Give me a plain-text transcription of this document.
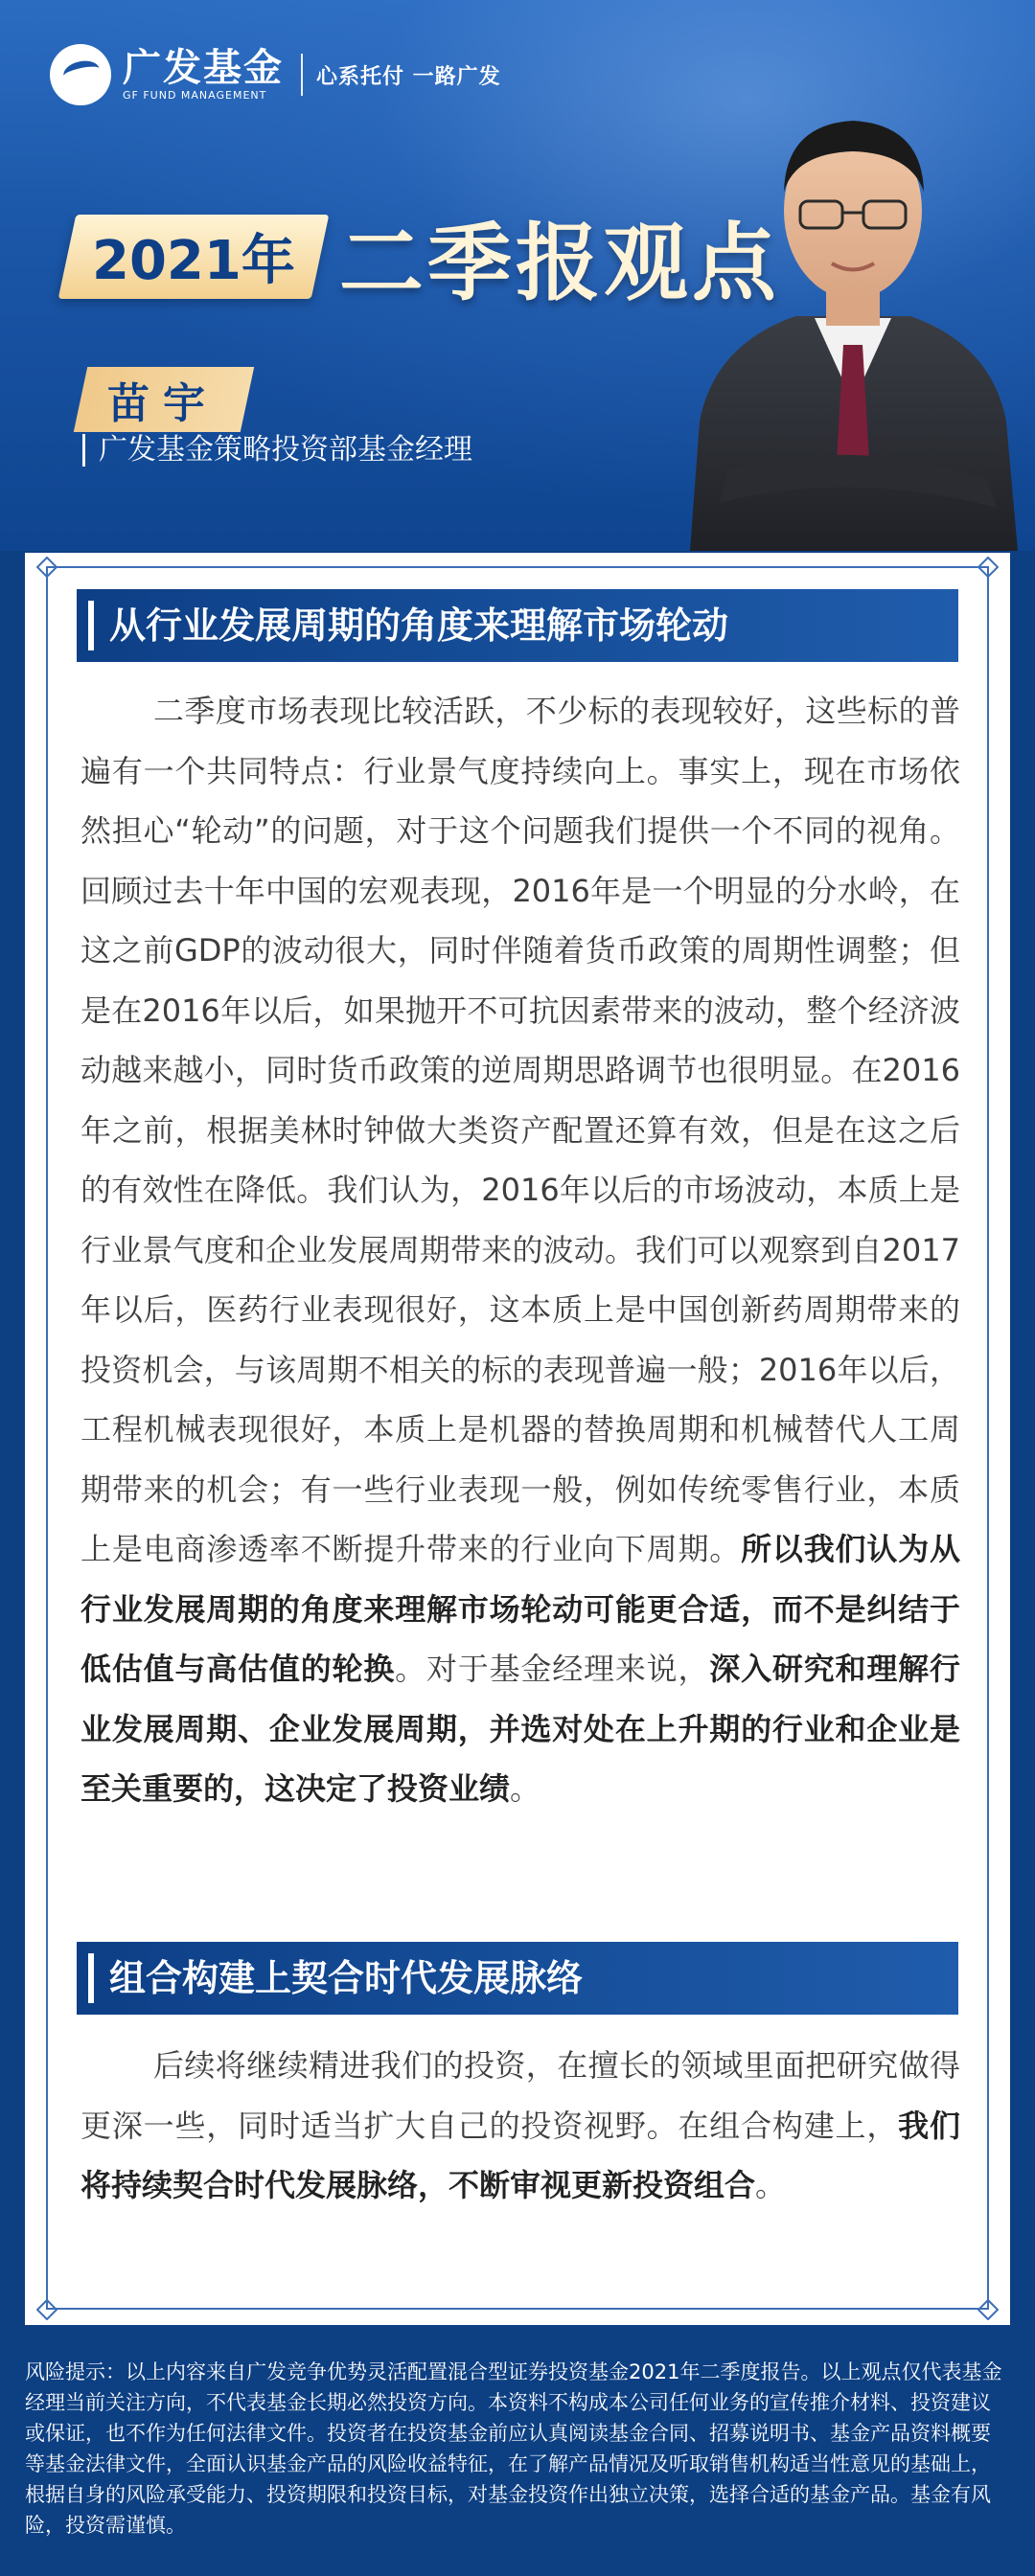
广发基金
GF FUND MANAGEMENT
心系托付 一路广发
2021年 二季报观点
苗宇
广发基金策略投资部基金经理
从行业发展周期的角度来理解市场轮动
二季度市场表现比较活跃，不少标的表现较好，这些标的普遍有一个共同特点：行业景气度持续向上。事实上，现在市场依然担心“轮动”的问题，对于这个问题我们提供一个不同的视角。回顾过去十年中国的宏观表现，2016年是一个明显的分水岭，在这之前GDP的波动很大，同时伴随着货币政策的周期性调整；但是在2016年以后，如果抛开不可抗因素带来的波动，整个经济波动越来越小，同时货币政策的逆周期思路调节也很明显。在2016年之前，根据美林时钟做大类资产配置还算有效，但是在这之后的有效性在降低。我们认为，2016年以后的市场波动，本质上是行业景气度和企业发展周期带来的波动。我们可以观察到自2017年以后，医药行业表现很好，这本质上是中国创新药周期带来的投资机会，与该周期不相关的标的表现普遍一般；2016年以后，工程机械表现很好，本质上是机器的替换周期和机械替代人工周期带来的机会；有一些行业表现一般，例如传统零售行业，本质上是电商渗透率不断提升带来的行业向下周期。所以我们认为从行业发展周期的角度来理解市场轮动可能更合适，而不是纠结于低估值与高估值的轮换。对于基金经理来说，深入研究和理解行业发展周期、企业发展周期，并选对处在上升期的行业和企业是至关重要的，这决定了投资业绩。
组合构建上契合时代发展脉络
后续将继续精进我们的投资，在擅长的领域里面把研究做得更深一些，同时适当扩大自己的投资视野。在组合构建上，我们将持续契合时代发展脉络，不断审视更新投资组合。
风险提示：以上内容来自广发竞争优势灵活配置混合型证券投资基金2021年二季度报告。以上观点仅代表基金经理当前关注方向，不代表基金长期必然投资方向。本资料不构成本公司任何业务的宣传推介材料、投资建议或保证，也不作为任何法律文件。投资者在投资基金前应认真阅读基金合同、招募说明书、基金产品资料概要等基金法律文件，全面认识基金产品的风险收益特征，在了解产品情况及听取销售机构适当性意见的基础上，根据自身的风险承受能力、投资期限和投资目标，对基金投资作出独立决策，选择合适的基金产品。基金有风险，投资需谨慎。
